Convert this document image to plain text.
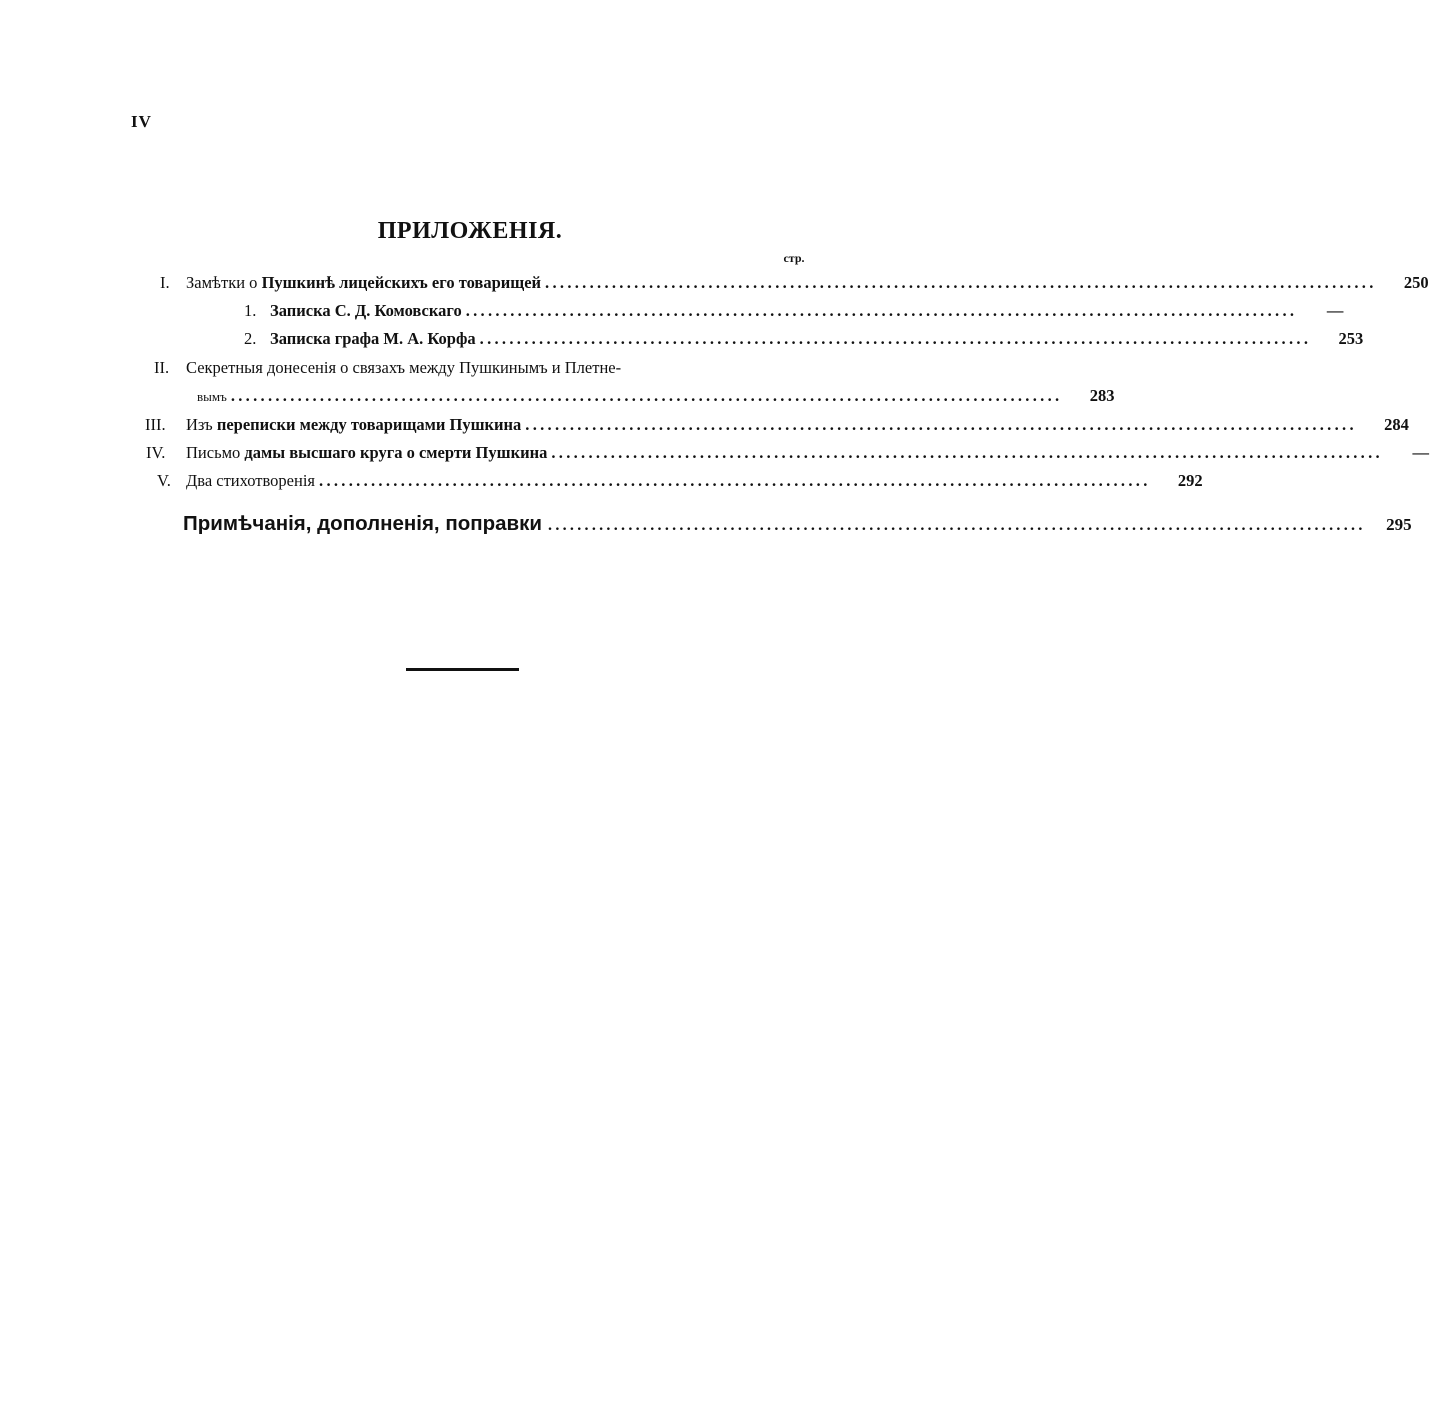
IV
ПРИЛОЖЕНІЯ.
стр.
I. Замѣтки о Пушкинѣ лицейскихъ его товарищей ................................................................................................................	250
1. Записка С. Д. Комовскаго ................................................................................................................	—
2. Записка графа М. А. Корфа ................................................................................................................	253
II. Секретныя донесенія о связахъ между Пушкинымъ и Плетне-
вымъ ................................................................................................................	283
III. Изъ переписки между товарищами Пушкина ................................................................................................................	284
IV. Письмо дамы высшаго круга о смерти Пушкина ................................................................................................................	—
V. Два стихотворенія ................................................................................................................	292
Примѣчанія, дополненія, поправки ................................................................................................................	295
